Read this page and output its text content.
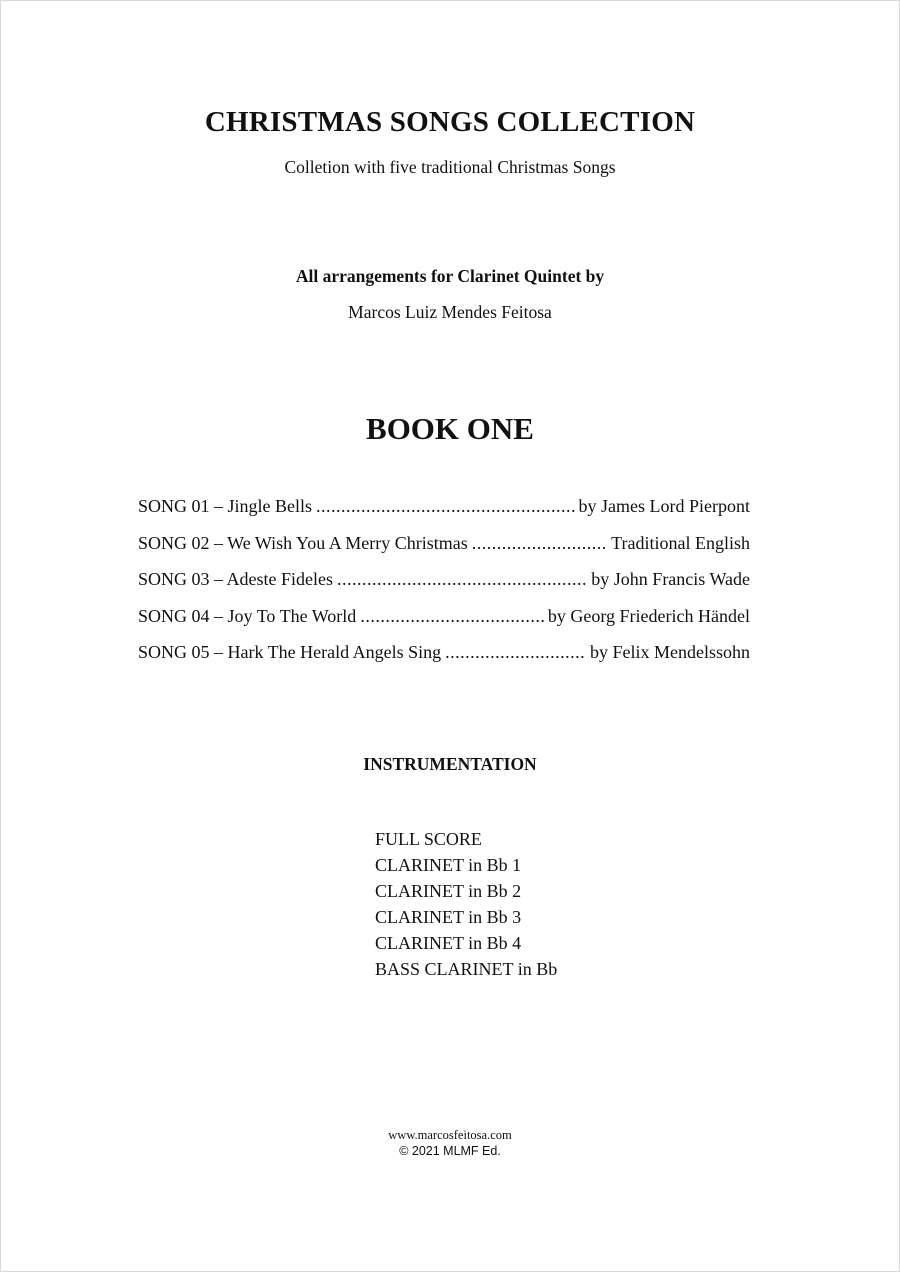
CHRISTMAS SONGS COLLECTION
Colletion with five traditional Christmas Songs
All arrangements for Clarinet Quintet by
Marcos Luiz Mendes Feitosa
BOOK ONE
SONG 01 – Jingle Bells .....	by James Lord Pierpont
SONG 02 – We Wish You A Merry Christmas .....	Traditional English
SONG 03 – Adeste Fideles .....	by John Francis Wade
SONG 04 – Joy To The World .....	by Georg Friederich Händel
SONG 05 – Hark The Herald Angels Sing .....	by Felix Mendelssohn
INSTRUMENTATION
FULL SCORE
CLARINET in Bb 1
CLARINET in Bb 2
CLARINET in Bb 3
CLARINET in Bb 4
BASS CLARINET in Bb
www.marcosfeitosa.com
© 2021 MLMF Ed.
